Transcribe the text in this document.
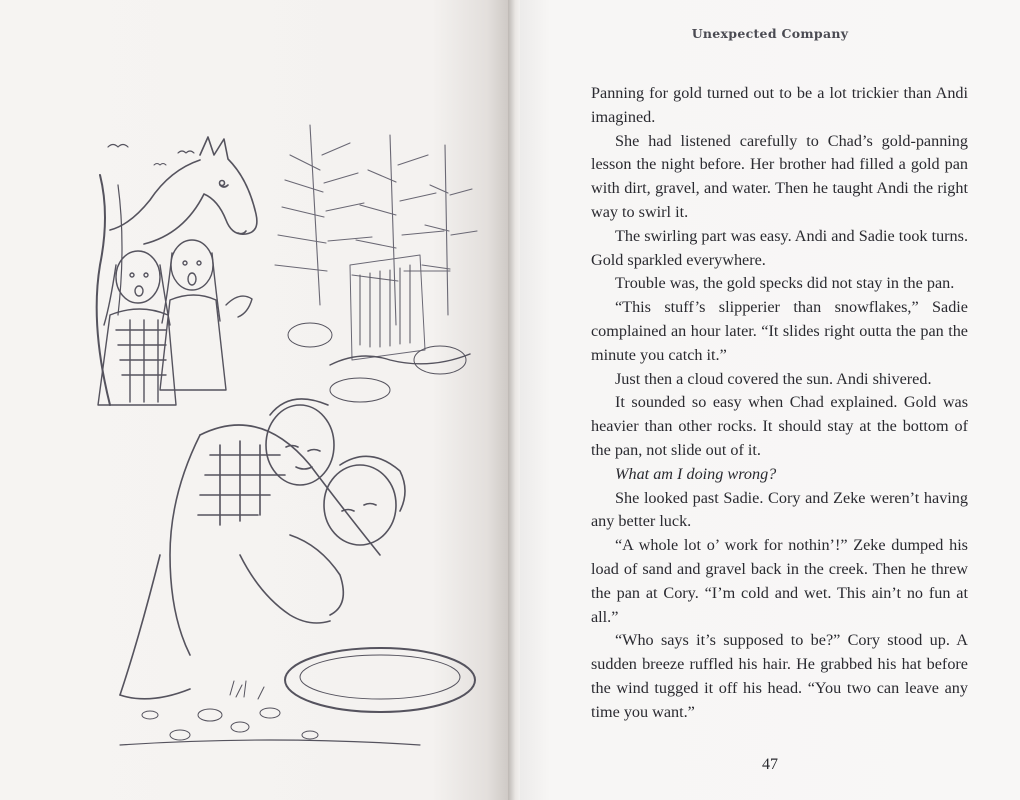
Unexpected Company

Panning for gold turned out to be a lot trickier than Andi imagined.

She had listened carefully to Chad’s gold-panning lesson the night before. Her brother had filled a gold pan with dirt, gravel, and water. Then he taught Andi the right way to swirl it.

The swirling part was easy. Andi and Sadie took turns. Gold sparkled everywhere.

Trouble was, the gold specks did not stay in the pan.

“This stuff’s slipperier than snowflakes,” Sadie complained an hour later. “It slides right outta the pan the minute you catch it.”

Just then a cloud covered the sun. Andi shivered.

It sounded so easy when Chad explained. Gold was heavier than other rocks. It should stay at the bottom of the pan, not slide out of it.

What am I doing wrong?

She looked past Sadie. Cory and Zeke weren’t having any better luck.

“A whole lot o’ work for nothin’!” Zeke dumped his load of sand and gravel back in the creek. Then he threw the pan at Cory. “I’m cold and wet. This ain’t no fun at all.”

“Who says it’s supposed to be?” Cory stood up. A sudden breeze ruffled his hair. He grabbed his hat before the wind tugged it off his head. “You two can leave any time you want.”

47
